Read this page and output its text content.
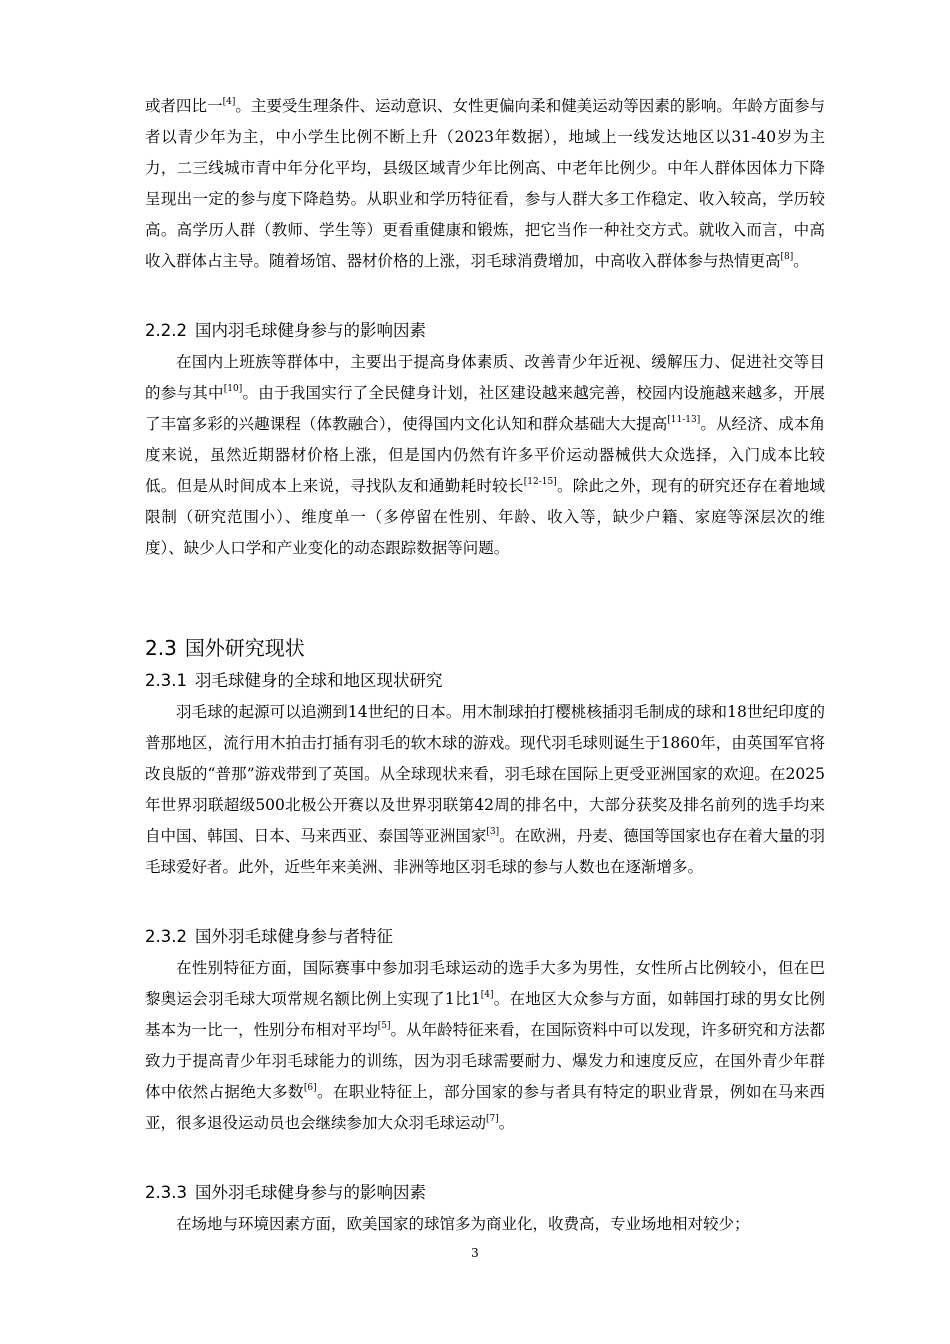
或者四比一[4]。主要受生理条件、运动意识、女性更偏向柔和健美运动等因素的影响。年龄方面参与者以青少年为主，中小学生比例不断上升（2023年数据），地域上一线发达地区以31-40岁为主力，二三线城市青中年分化平均，县级区域青少年比例高、中老年比例少。中年人群体因体力下降呈现出一定的参与度下降趋势。从职业和学历特征看，参与人群大多工作稳定、收入较高，学历较高。高学历人群（教师、学生等）更看重健康和锻炼，把它当作一种社交方式。就收入而言，中高收入群体占主导。随着场馆、器材价格的上涨，羽毛球消费增加，中高收入群体参与热情更高[8]。

2.2.2 国内羽毛球健身参与的影响因素

在国内上班族等群体中，主要出于提高身体素质、改善青少年近视、缓解压力、促进社交等目的参与其中[10]。由于我国实行了全民健身计划，社区建设越来越完善，校园内设施越来越多，开展了丰富多彩的兴趣课程（体教融合），使得国内文化认知和群众基础大大提高[11-13]。从经济、成本角度来说，虽然近期器材价格上涨，但是国内仍然有许多平价运动器械供大众选择，入门成本比较低。但是从时间成本上来说，寻找队友和通勤耗时较长[12-15]。除此之外，现有的研究还存在着地域限制（研究范围小）、维度单一（多停留在性别、年龄、收入等，缺少户籍、家庭等深层次的维度）、缺少人口学和产业变化的动态跟踪数据等问题。

2.3 国外研究现状
2.3.1 羽毛球健身的全球和地区现状研究

羽毛球的起源可以追溯到14世纪的日本。用木制球拍打樱桃核插羽毛制成的球和18世纪印度的普那地区，流行用木拍击打插有羽毛的软木球的游戏。现代羽毛球则诞生于1860年，由英国军官将改良版的“普那”游戏带到了英国。从全球现状来看，羽毛球在国际上更受亚洲国家的欢迎。在2025年世界羽联超级500北极公开赛以及世界羽联第42周的排名中，大部分获奖及排名前列的选手均来自中国、韩国、日本、马来西亚、泰国等亚洲国家[3]。在欧洲，丹麦、德国等国家也存在着大量的羽毛球爱好者。此外，近些年来美洲、非洲等地区羽毛球的参与人数也在逐渐增多。

2.3.2 国外羽毛球健身参与者特征

在性别特征方面，国际赛事中参加羽毛球运动的选手大多为男性，女性所占比例较小，但在巴黎奥运会羽毛球大项常规名额比例上实现了1比1[4]。在地区大众参与方面，如韩国打球的男女比例基本为一比一，性别分布相对平均[5]。从年龄特征来看，在国际资料中可以发现，许多研究和方法都致力于提高青少年羽毛球能力的训练，因为羽毛球需要耐力、爆发力和速度反应，在国外青少年群体中依然占据绝大多数[6]。在职业特征上，部分国家的参与者具有特定的职业背景，例如在马来西亚，很多退役运动员也会继续参加大众羽毛球运动[7]。

2.3.3 国外羽毛球健身参与的影响因素

在场地与环境因素方面，欧美国家的球馆多为商业化，收费高，专业场地相对较少；

3
